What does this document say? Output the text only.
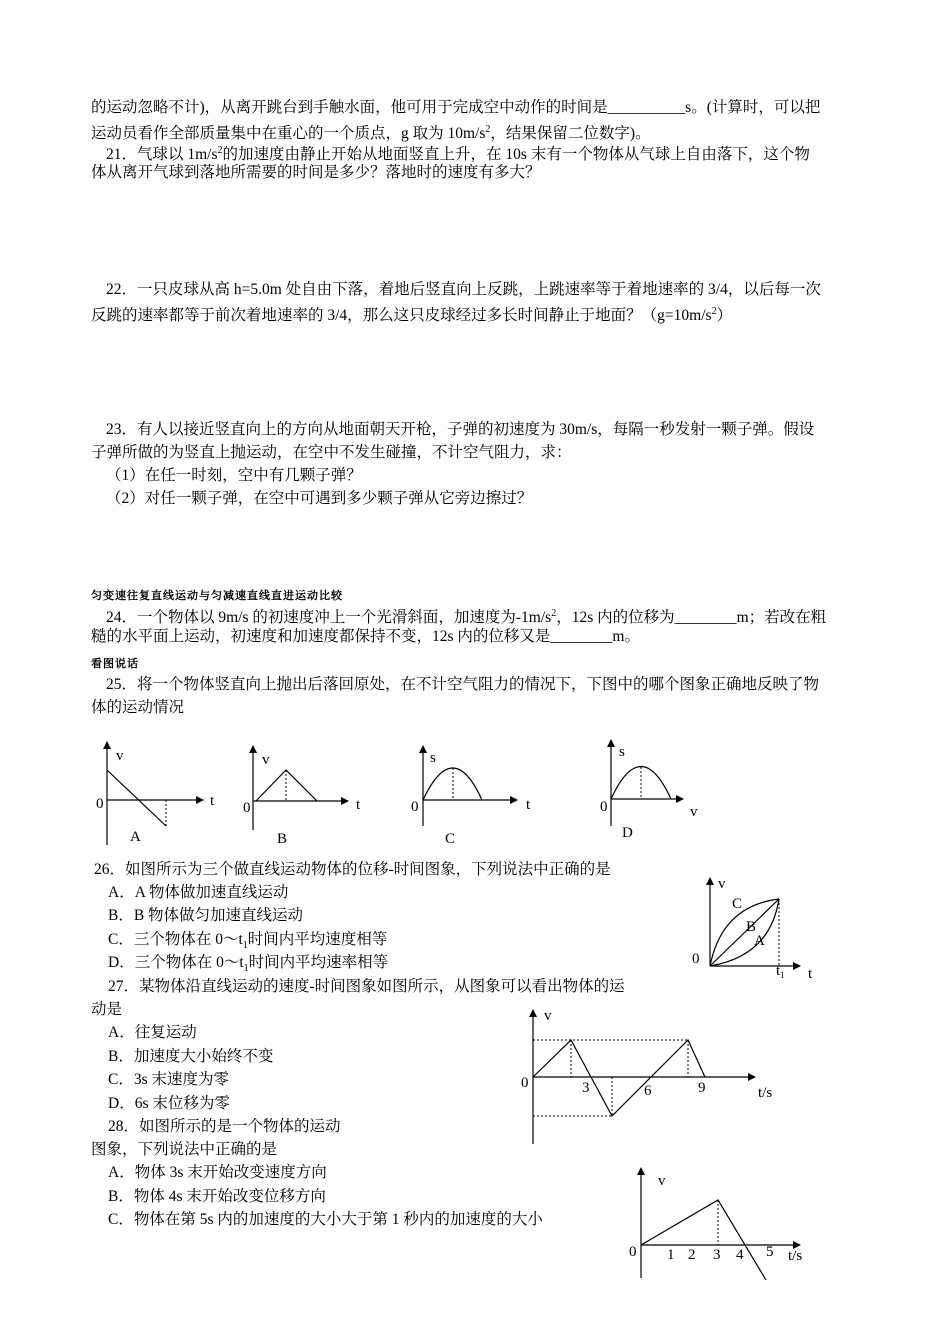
的运动忽略不计)，从离开跳台到手触水面，他可用于完成空中动作的时间是__________s。(计算时，可以把
运动员看作全部质量集中在重心的一个质点，g 取为 $10m/s^2$，结果保留二位数字)。
21．气球以 $1m/s^2$的加速度由静止开始从地面竖直上升，在 10s 末有一个物体从气球上自由落下，这个物
体从离开气球到落地所需要的时间是多少？落地时的速度有多大？
22．一只皮球从高 h=5.0m 处自由下落，着地后竖直向上反跳，上跳速率等于着地速率的 3/4，以后每一次
反跳的速率都等于前次着地速率的 3/4，那么这只皮球经过多长时间静止于地面？$(g=10m/s^2)$
23．有人以接近竖直向上的方向从地面朝天开枪，子弹的初速度为 30m/s，每隔一秒发射一颗子弹。假设
子弹所做的为竖直上抛运动，在空中不发生碰撞，不计空气阻力，求：
（1）在任一时刻，空中有几颗子弹？
（2）对任一颗子弹，在空中可遇到多少颗子弹从它旁边擦过？
匀变速往复直线运动与匀减速直线直进运动比较
24．一个物体以 9m/s 的初速度冲上一个光滑斜面，加速度为$-1m/s^2$，12s 内的位移为________m；若改在粗
糙的水平面上运动，初速度和加速度都保持不变，12s 内的位移又是________m。
看图说话
25．将一个物体竖直向上抛出后落回原处，在不计空气阻力的情况下，下图中的哪个图象正确地反映了物
体的运动情况
26．如图所示为三个做直线运动物体的位移-时间图象，下列说法中正确的是
A．A 物体做加速直线运动
B．B 物体做匀加速直线运动
C．三个物体在 $0\sim t_1$时间内平均速度相等
D．三个物体在 $0\sim t_1$时间内平均速率相等
27．某物体沿直线运动的速度-时间图象如图所示，从图象可以看出物体的运
动是
A．往复运动
B．加速度大小始终不变
C．3s 末速度为零
D．6s 末位移为零
28．如图所示的是一个物体的运动
图象，下列说法中正确的是
A．物体 3s 末开始改变速度方向
B．物体 4s 末开始改变位移方向
C．物体在第 5s 内的加速度的大小大于第 1 秒内的加速度的大小
v
0	t
A
v
0	t
B
s
0	t
C
s
0	v
D
v
0
C
B
A
$t_1$ t
v
0	3	6	9	t/s
v
0 1 2 3 4 5 t/s
